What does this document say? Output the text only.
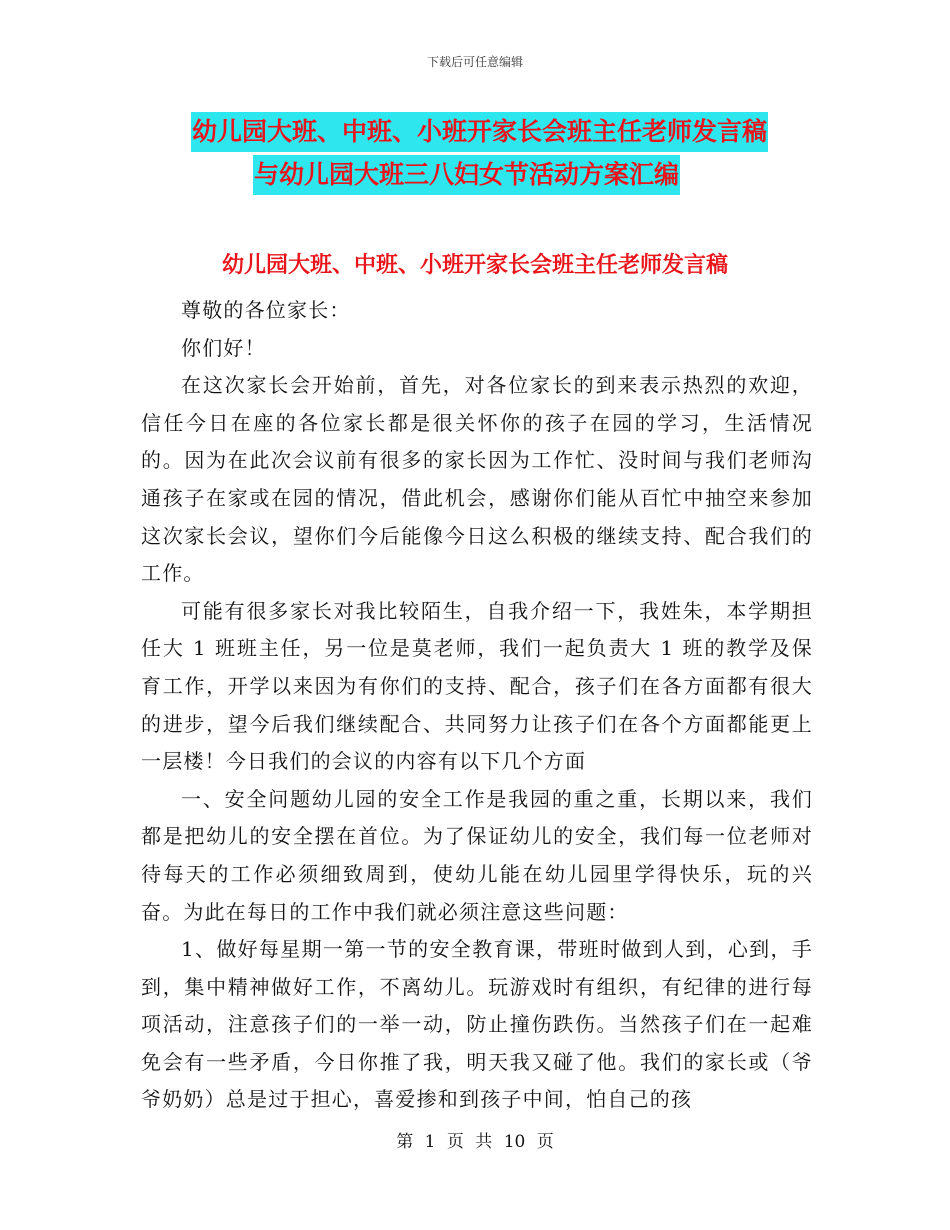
下载后可任意编辑
幼儿园大班、中班、小班开家长会班主任老师发言稿
与幼儿园大班三八妇女节活动方案汇编
幼儿园大班、中班、小班开家长会班主任老师发言稿

尊敬的各位家长：

你们好！

在这次家长会开始前，首先，对各位家长的到来表示热烈的欢迎，信任今日在座的各位家长都是很关怀你的孩子在园的学习，生活情况的。因为在此次会议前有很多的家长因为工作忙、没时间与我们老师沟通孩子在家或在园的情况，借此机会，感谢你们能从百忙中抽空来参加这次家长会议，望你们今后能像今日这么积极的继续支持、配合我们的工作。

可能有很多家长对我比较陌生，自我介绍一下，我姓朱，本学期担任大 1 班班主任，另一位是莫老师，我们一起负责大 1 班的教学及保育工作，开学以来因为有你们的支持、配合，孩子们在各方面都有很大的进步，望今后我们继续配合、共同努力让孩子们在各个方面都能更上一层楼！今日我们的会议的内容有以下几个方面

一、安全问题幼儿园的安全工作是我园的重之重，长期以来，我们都是把幼儿的安全摆在首位。为了保证幼儿的安全，我们每一位老师对待每天的工作必须细致周到，使幼儿能在幼儿园里学得快乐，玩的兴奋。为此在每日的工作中我们就必须注意这些问题：

1、做好每星期一第一节的安全教育课，带班时做到人到，心到，手到，集中精神做好工作，不离幼儿。玩游戏时有组织，有纪律的进行每项活动，注意孩子们的一举一动，防止撞伤跌伤。当然孩子们在一起难免会有一些矛盾，今日你推了我，明天我又碰了他。我们的家长或（爷爷奶奶）总是过于担心，喜爱掺和到孩子中间，怕自己的孩

第 1 页 共 10 页
